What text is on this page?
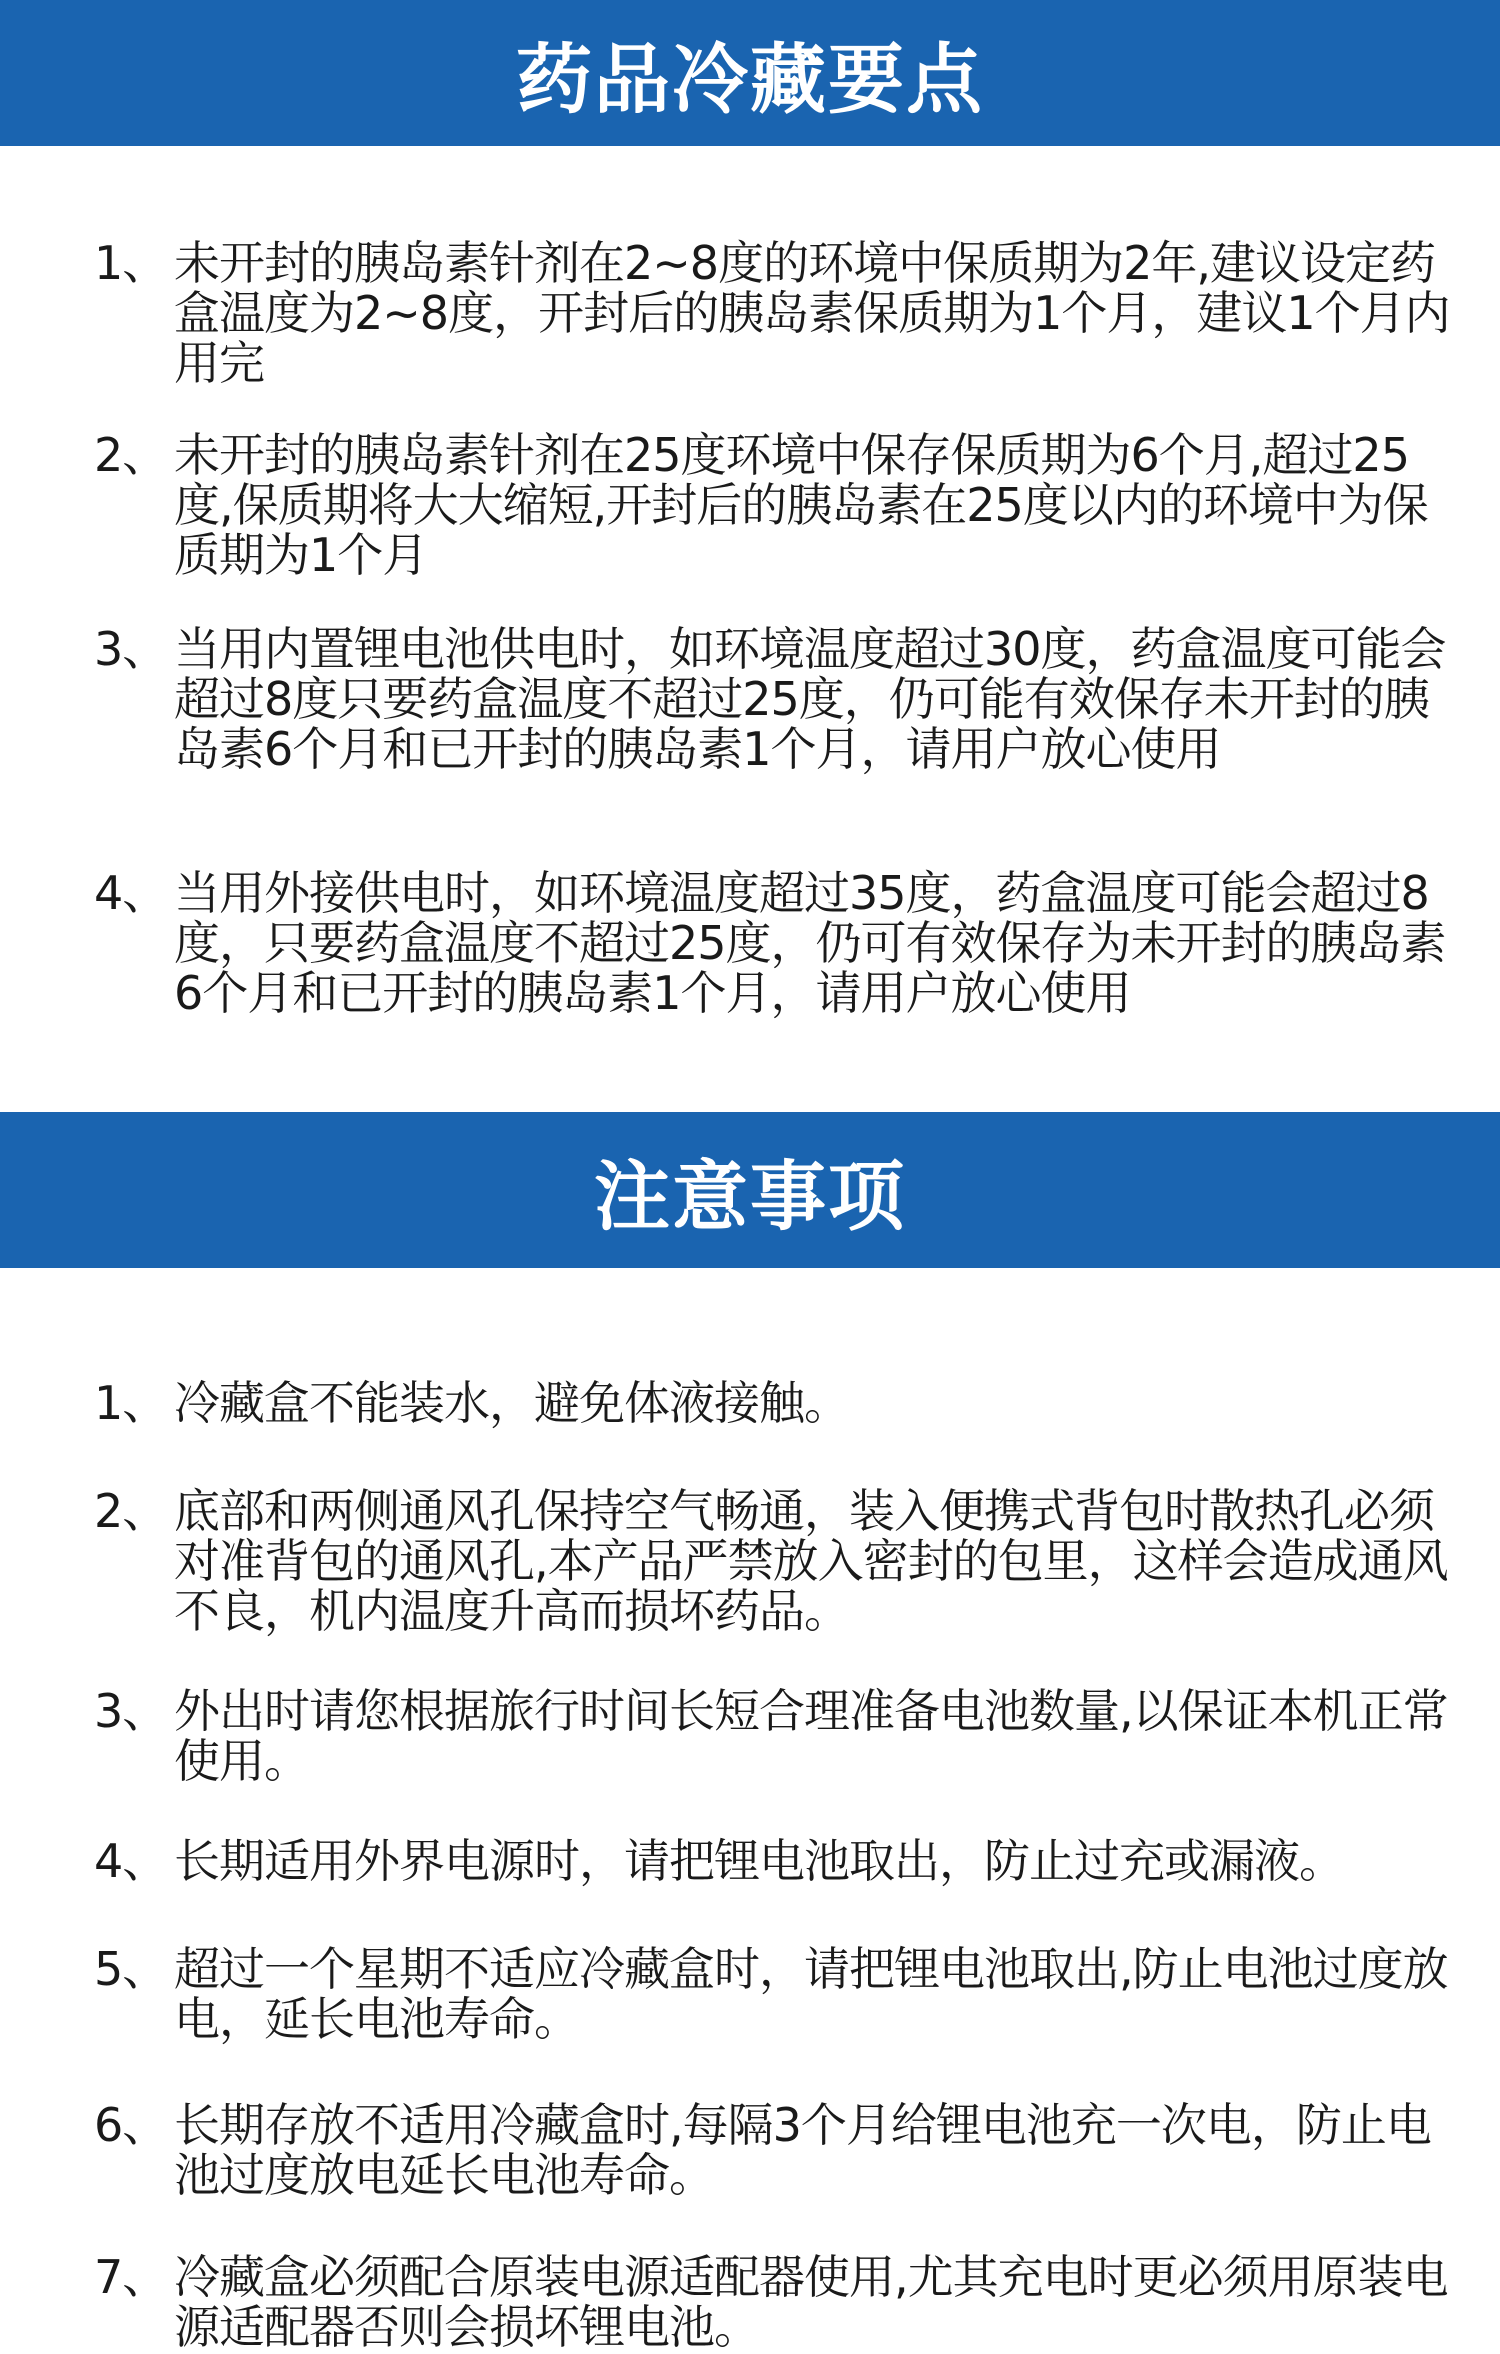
药品冷藏要点
1、 未开封的胰岛素针剂在2~8度的环境中保质期为2年,建议设定药盒温度为2~8度，开封后的胰岛素保质期为1个月，建议1个月内用完
2、 未开封的胰岛素针剂在25度环境中保存保质期为6个月,超过25度,保质期将大大缩短,开封后的胰岛素在25度以内的环境中为保质期为1个月
3、 当用内置锂电池供电时，如环境温度超过30度，药盒温度可能会超过8度只要药盒温度不超过25度，仍可能有效保存未开封的胰岛素6个月和已开封的胰岛素1个月，请用户放心使用
4、 当用外接供电时，如环境温度超过35度，药盒温度可能会超过8度，只要药盒温度不超过25度，仍可有效保存为未开封的胰岛素6个月和已开封的胰岛素1个月，请用户放心使用
注意事项
1、 冷藏盒不能装水，避免体液接触。
2、 底部和两侧通风孔保持空气畅通，装入便携式背包时散热孔必须对准背包的通风孔,本产品严禁放入密封的包里，这样会造成通风不良，机内温度升高而损坏药品。
3、 外出时请您根据旅行时间长短合理准备电池数量,以保证本机正常使用。
4、 长期适用外界电源时，请把锂电池取出，防止过充或漏液。
5、 超过一个星期不适应冷藏盒时，请把锂电池取出,防止电池过度放电，延长电池寿命。
6、 长期存放不适用冷藏盒时,每隔3个月给锂电池充一次电，防止电池过度放电延长电池寿命。
7、 冷藏盒必须配合原装电源适配器使用,尤其充电时更必须用原装电源适配器否则会损坏锂电池。
